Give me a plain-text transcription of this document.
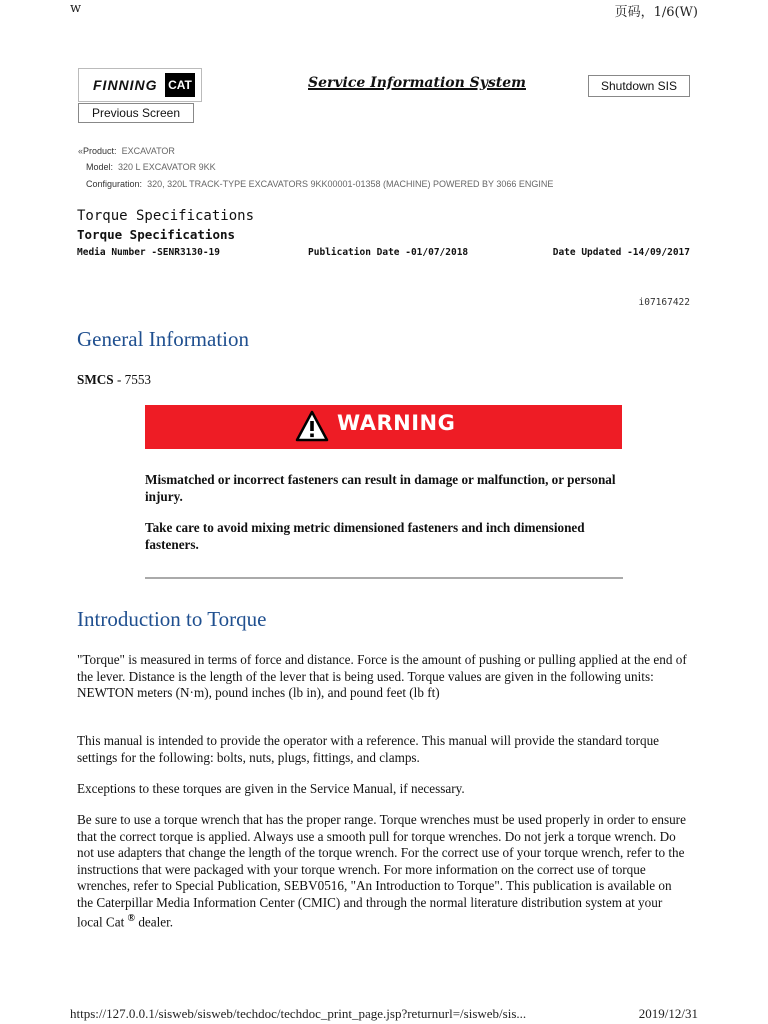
w	页码，1/6(W)
FINNING CAT	Service Information System	Shutdown SIS
Previous Screen
«Product: EXCAVATOR
Model: 320 L EXCAVATOR 9KK
Configuration: 320, 320L TRACK-TYPE EXCAVATORS 9KK00001-01358 (MACHINE) POWERED BY 3066 ENGINE
Torque Specifications
Torque Specifications
Media Number -SENR3130-19	Publication Date -01/07/2018	Date Updated -14/09/2017
i07167422
General Information
SMCS - 7553
WARNING
Mismatched or incorrect fasteners can result in damage or malfunction, or personal injury.
Take care to avoid mixing metric dimensioned fasteners and inch dimensioned fasteners.
Introduction to Torque
"Torque" is measured in terms of force and distance. Force is the amount of pushing or pulling applied at the end of the lever. Distance is the length of the lever that is being used. Torque values are given in the following units: NEWTON meters (N·m), pound inches (lb in), and pound feet (lb ft)
This manual is intended to provide the operator with a reference. This manual will provide the standard torque settings for the following: bolts, nuts, plugs, fittings, and clamps.
Exceptions to these torques are given in the Service Manual, if necessary.
Be sure to use a torque wrench that has the proper range. Torque wrenches must be used properly in order to ensure that the correct torque is applied. Always use a smooth pull for torque wrenches. Do not jerk a torque wrench. Do not use adapters that change the length of the torque wrench. For the correct use of your torque wrench, refer to the instructions that were packaged with your torque wrench. For more information on the correct use of torque wrenches, refer to Special Publication, SEBV0516, "An Introduction to Torque". This publication is available on the Caterpillar Media Information Center (CMIC) and through the normal literature distribution system at your local Cat ® dealer.
https://127.0.0.1/sisweb/sisweb/techdoc/techdoc_print_page.jsp?returnurl=/sisweb/sis...	2019/12/31
